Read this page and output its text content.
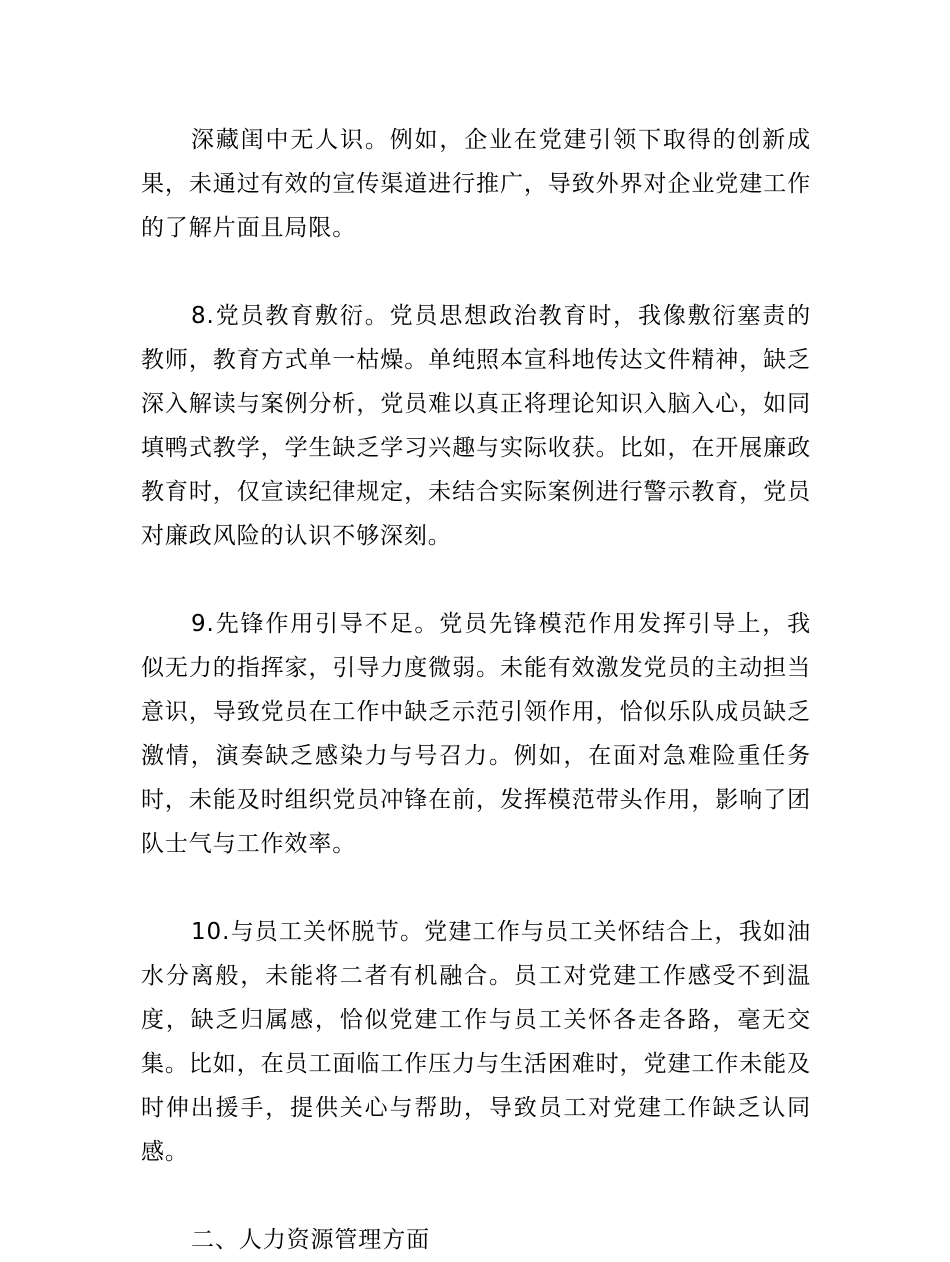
深藏闺中无人识。例如，企业在党建引领下取得的创新成果，未通过有效的宣传渠道进行推广，导致外界对企业党建工作的了解片面且局限。

8.党员教育敷衍。党员思想政治教育时，我像敷衍塞责的教师，教育方式单一枯燥。单纯照本宣科地传达文件精神，缺乏深入解读与案例分析，党员难以真正将理论知识入脑入心，如同填鸭式教学，学生缺乏学习兴趣与实际收获。比如，在开展廉政教育时，仅宣读纪律规定，未结合实际案例进行警示教育，党员对廉政风险的认识不够深刻。

9.先锋作用引导不足。党员先锋模范作用发挥引导上，我似无力的指挥家，引导力度微弱。未能有效激发党员的主动担当意识，导致党员在工作中缺乏示范引领作用，恰似乐队成员缺乏激情，演奏缺乏感染力与号召力。例如，在面对急难险重任务时，未能及时组织党员冲锋在前，发挥模范带头作用，影响了团队士气与工作效率。

10.与员工关怀脱节。党建工作与员工关怀结合上，我如油水分离般，未能将二者有机融合。员工对党建工作感受不到温度，缺乏归属感，恰似党建工作与员工关怀各走各路，毫无交集。比如，在员工面临工作压力与生活困难时，党建工作未能及时伸出援手，提供关心与帮助，导致员工对党建工作缺乏认同感。

二、人力资源管理方面
